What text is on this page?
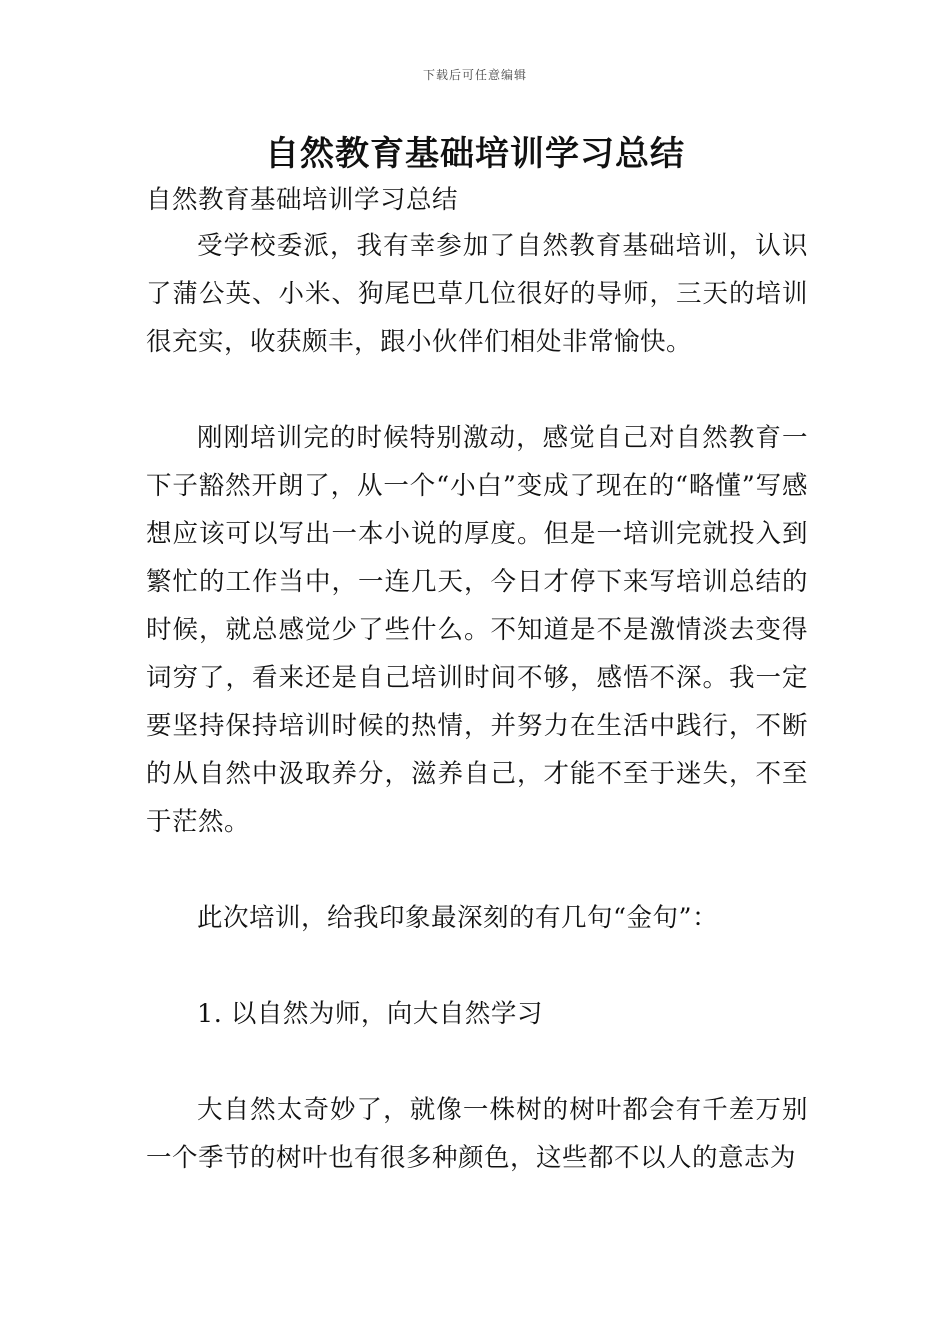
下载后可任意编辑
自然教育基础培训学习总结
自然教育基础培训学习总结

受学校委派，我有幸参加了自然教育基础培训，认识了蒲公英、小米、狗尾巴草几位很好的导师，三天的培训很充实，收获颇丰，跟小伙伴们相处非常愉快。

刚刚培训完的时候特别激动，感觉自己对自然教育一下子豁然开朗了，从一个“小白”变成了现在的“略懂”写感想应该可以写出一本小说的厚度。但是一培训完就投入到繁忙的工作当中，一连几天，今日才停下来写培训总结的时候，就总感觉少了些什么。不知道是不是激情淡去变得词穷了，看来还是自己培训时间不够，感悟不深。我一定要坚持保持培训时候的热情，并努力在生活中践行，不断的从自然中汲取养分，滋养自己，才能不至于迷失，不至于茫然。

此次培训，给我印象最深刻的有几句“金句”：

1. 以自然为师，向大自然学习

大自然太奇妙了，就像一株树的树叶都会有千差万别一个季节的树叶也有很多种颜色，这些都不以人的意志为
